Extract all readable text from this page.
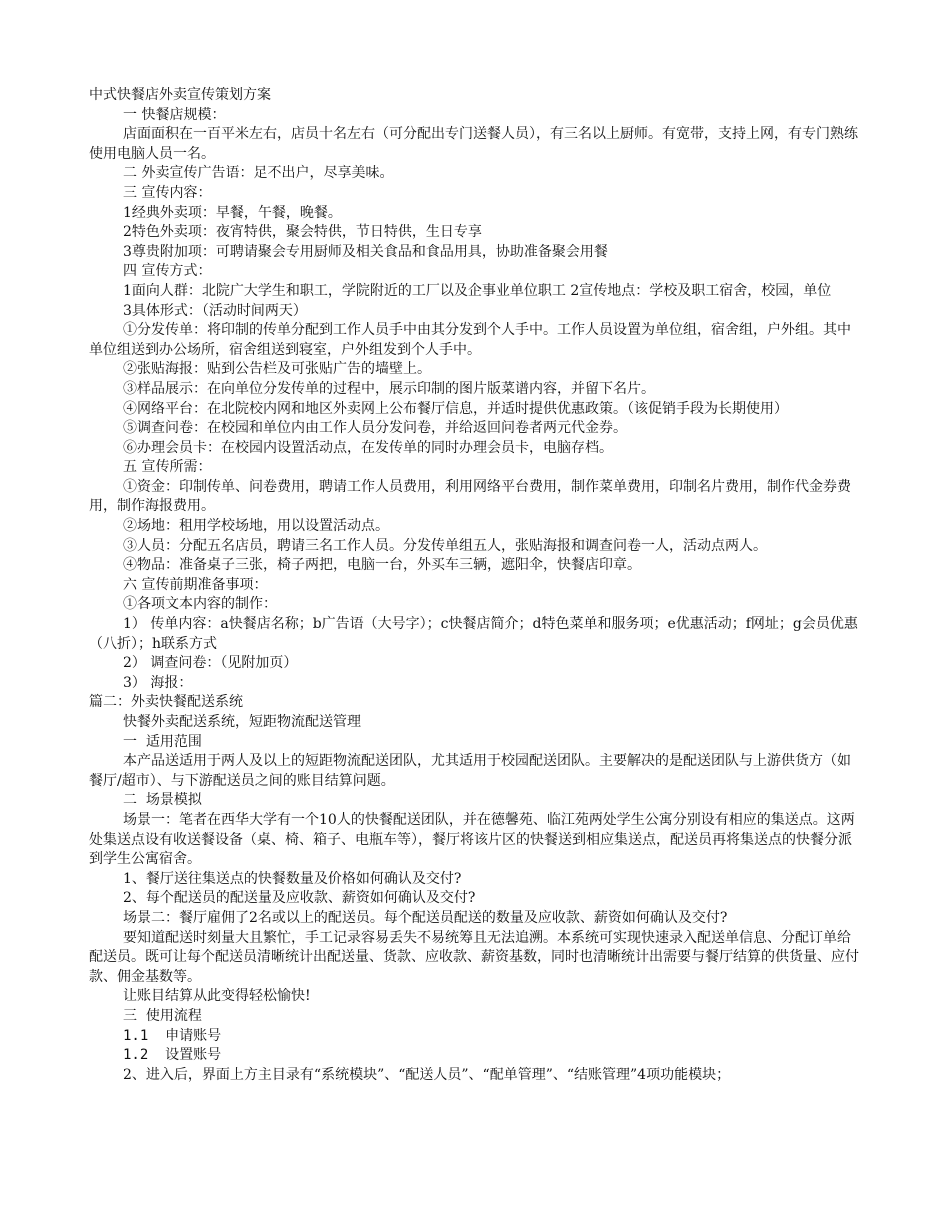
中式快餐店外卖宣传策划方案
一 快餐店规模：
店面面积在一百平米左右，店员十名左右（可分配出专门送餐人员），有三名以上厨师。有宽带，支持上网，有专门熟练使用电脑人员一名。
二 外卖宣传广告语：足不出户，尽享美味。
三 宣传内容：
1经典外卖项：早餐，午餐，晚餐。
2特色外卖项：夜宵特供，聚会特供，节日特供，生日专享
3尊贵附加项：可聘请聚会专用厨师及相关食品和食品用具，协助准备聚会用餐
四 宣传方式：
1面向人群：北院广大学生和职工，学院附近的工厂以及企事业单位职工 2宣传地点：学校及职工宿舍，校园，单位
3具体形式：（活动时间两天）
①分发传单：将印制的传单分配到工作人员手中由其分发到个人手中。工作人员设置为单位组，宿舍组，户外组。其中单位组送到办公场所，宿舍组送到寝室，户外组发到个人手中。
②张贴海报：贴到公告栏及可张贴广告的墙壁上。
③样品展示：在向单位分发传单的过程中，展示印制的图片版菜谱内容，并留下名片。
④网络平台：在北院校内网和地区外卖网上公布餐厅信息，并适时提供优惠政策。（该促销手段为长期使用）
⑤调查问卷：在校园和单位内由工作人员分发问卷，并给返回问卷者两元代金券。
⑥办理会员卡：在校园内设置活动点，在发传单的同时办理会员卡，电脑存档。
五 宣传所需：
①资金：印制传单、问卷费用，聘请工作人员费用，利用网络平台费用，制作菜单费用，印制名片费用，制作代金券费用，制作海报费用。
②场地：租用学校场地，用以设置活动点。
③人员：分配五名店员，聘请三名工作人员。分发传单组五人，张贴海报和调查问卷一人，活动点两人。
④物品：准备桌子三张，椅子两把，电脑一台，外买车三辆，遮阳伞，快餐店印章。
六 宣传前期准备事项：
①各项文本内容的制作：
1） 传单内容：a快餐店名称；b广告语（大号字）；c快餐店简介；d特色菜单和服务项；e优惠活动；f网址；g会员优惠（八折）；h联系方式
2） 调查问卷：（见附加页）
3） 海报：
篇二：外卖快餐配送系统
快餐外卖配送系统，短距物流配送管理
一  适用范围
本产品送适用于两人及以上的短距物流配送团队，尤其适用于校园配送团队。主要解决的是配送团队与上游供货方（如餐厅/超市）、与下游配送员之间的账目结算问题。
二  场景模拟
场景一：笔者在西华大学有一个10人的快餐配送团队，并在德馨苑、临江苑两处学生公寓分别设有相应的集送点。这两处集送点设有收送餐设备（桌、椅、箱子、电瓶车等），餐厅将该片区的快餐送到相应集送点，配送员再将集送点的快餐分派到学生公寓宿舍。
1、餐厅送往集送点的快餐数量及价格如何确认及交付?
2、每个配送员的配送量及应收款、薪资如何确认及交付?
场景二：餐厅雇佣了2名或以上的配送员。每个配送员配送的数量及应收款、薪资如何确认及交付?
要知道配送时刻量大且繁忙，手工记录容易丢失不易统筹且无法追溯。本系统可实现快速录入配送单信息、分配订单给配送员。既可让每个配送员清晰统计出配送量、货款、应收款、薪资基数，同时也清晰统计出需要与餐厅结算的供货量、应付款、佣金基数等。
让账目结算从此变得轻松愉快!
三  使用流程
1.1  申请账号
1.2  设置账号
2、进入后，界面上方主目录有“系统模块”、“配送人员”、“配单管理”、“结账管理”4项功能模块；
